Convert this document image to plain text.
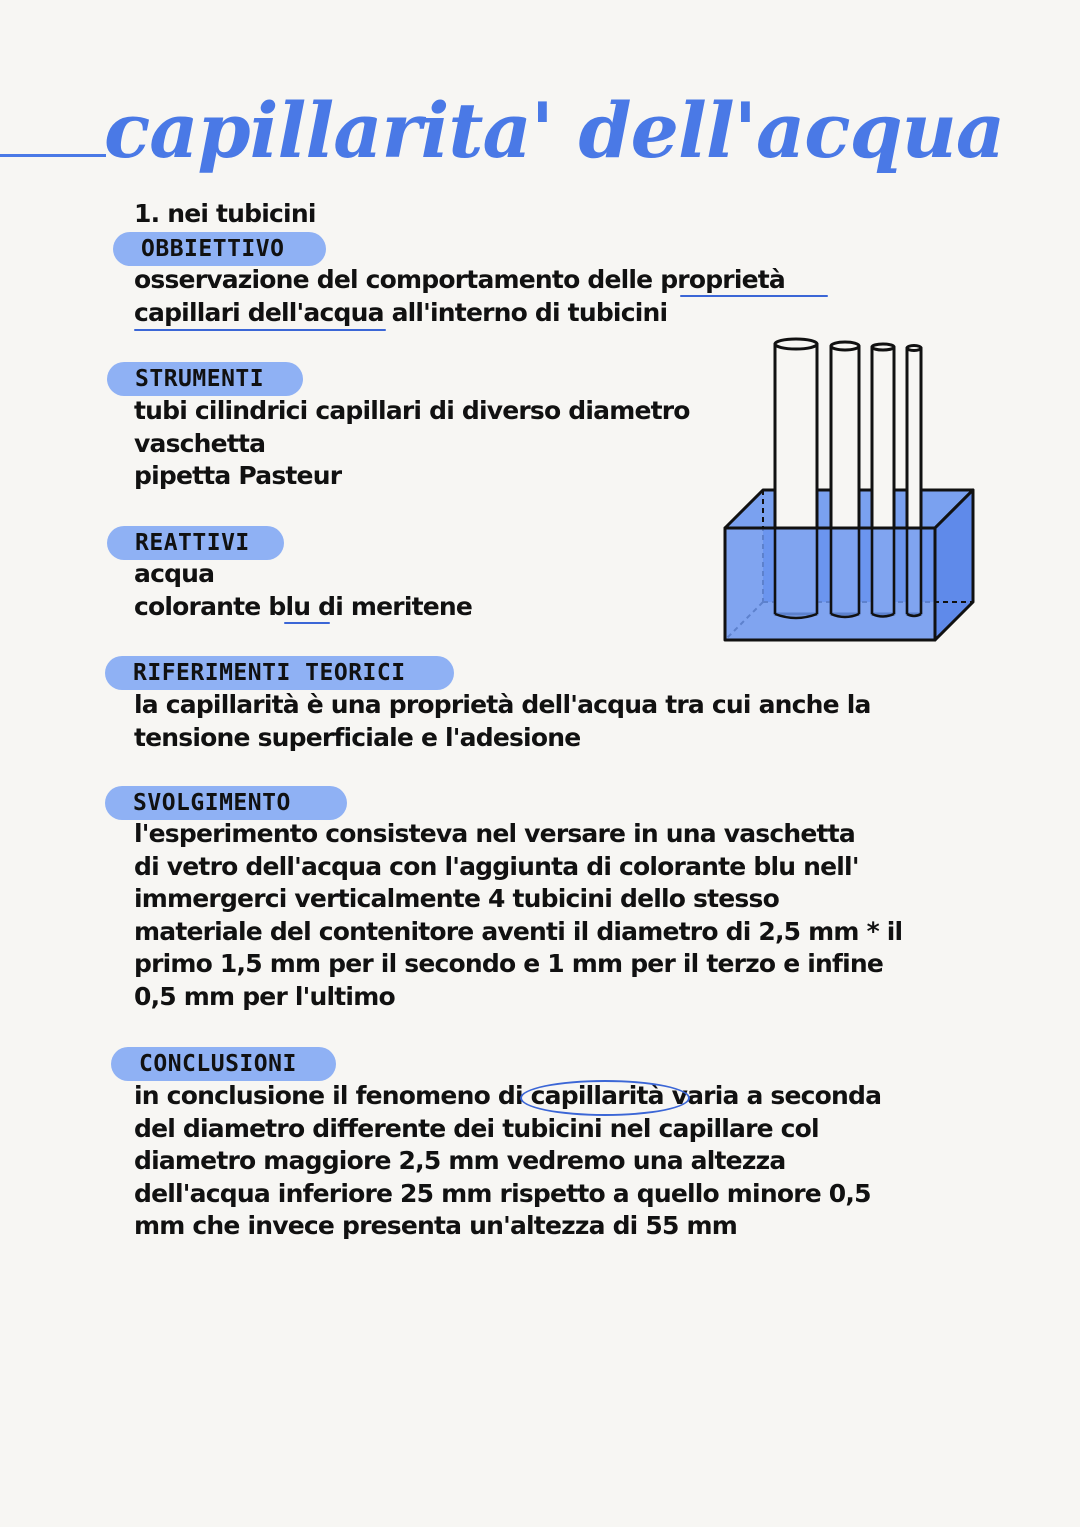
capillarita' dell'acqua
1. nei tubicini
OBBIETTIVO
osservazione del comportamento delle proprietà
capillari dell'acqua all'interno di tubicini
STRUMENTI
tubi cilindrici capillari di diverso diametro
vaschetta
pipetta Pasteur
REATTIVI
acqua
colorante blu di meritene
RIFERIMENTI TEORICI
la capillarità è una proprietà dell'acqua tra cui anche la
tensione superficiale e l'adesione
SVOLGIMENTO
l'esperimento consisteva nel versare in una vaschetta
di vetro dell'acqua con l'aggiunta di colorante blu nell'
immergerci verticalmente 4 tubicini dello stesso
materiale del contenitore aventi il diametro di 2,5 mm * il
primo 1,5 mm per il secondo e 1 mm per il terzo e infine
0,5 mm per l'ultimo
CONCLUSIONI
in conclusione il fenomeno di capillarità varia a seconda
del diametro differente dei tubicini nel capillare col
diametro maggiore 2,5 mm vedremo una altezza
dell'acqua inferiore 25 mm rispetto a quello minore 0,5
mm che invece presenta un'altezza di 55 mm
